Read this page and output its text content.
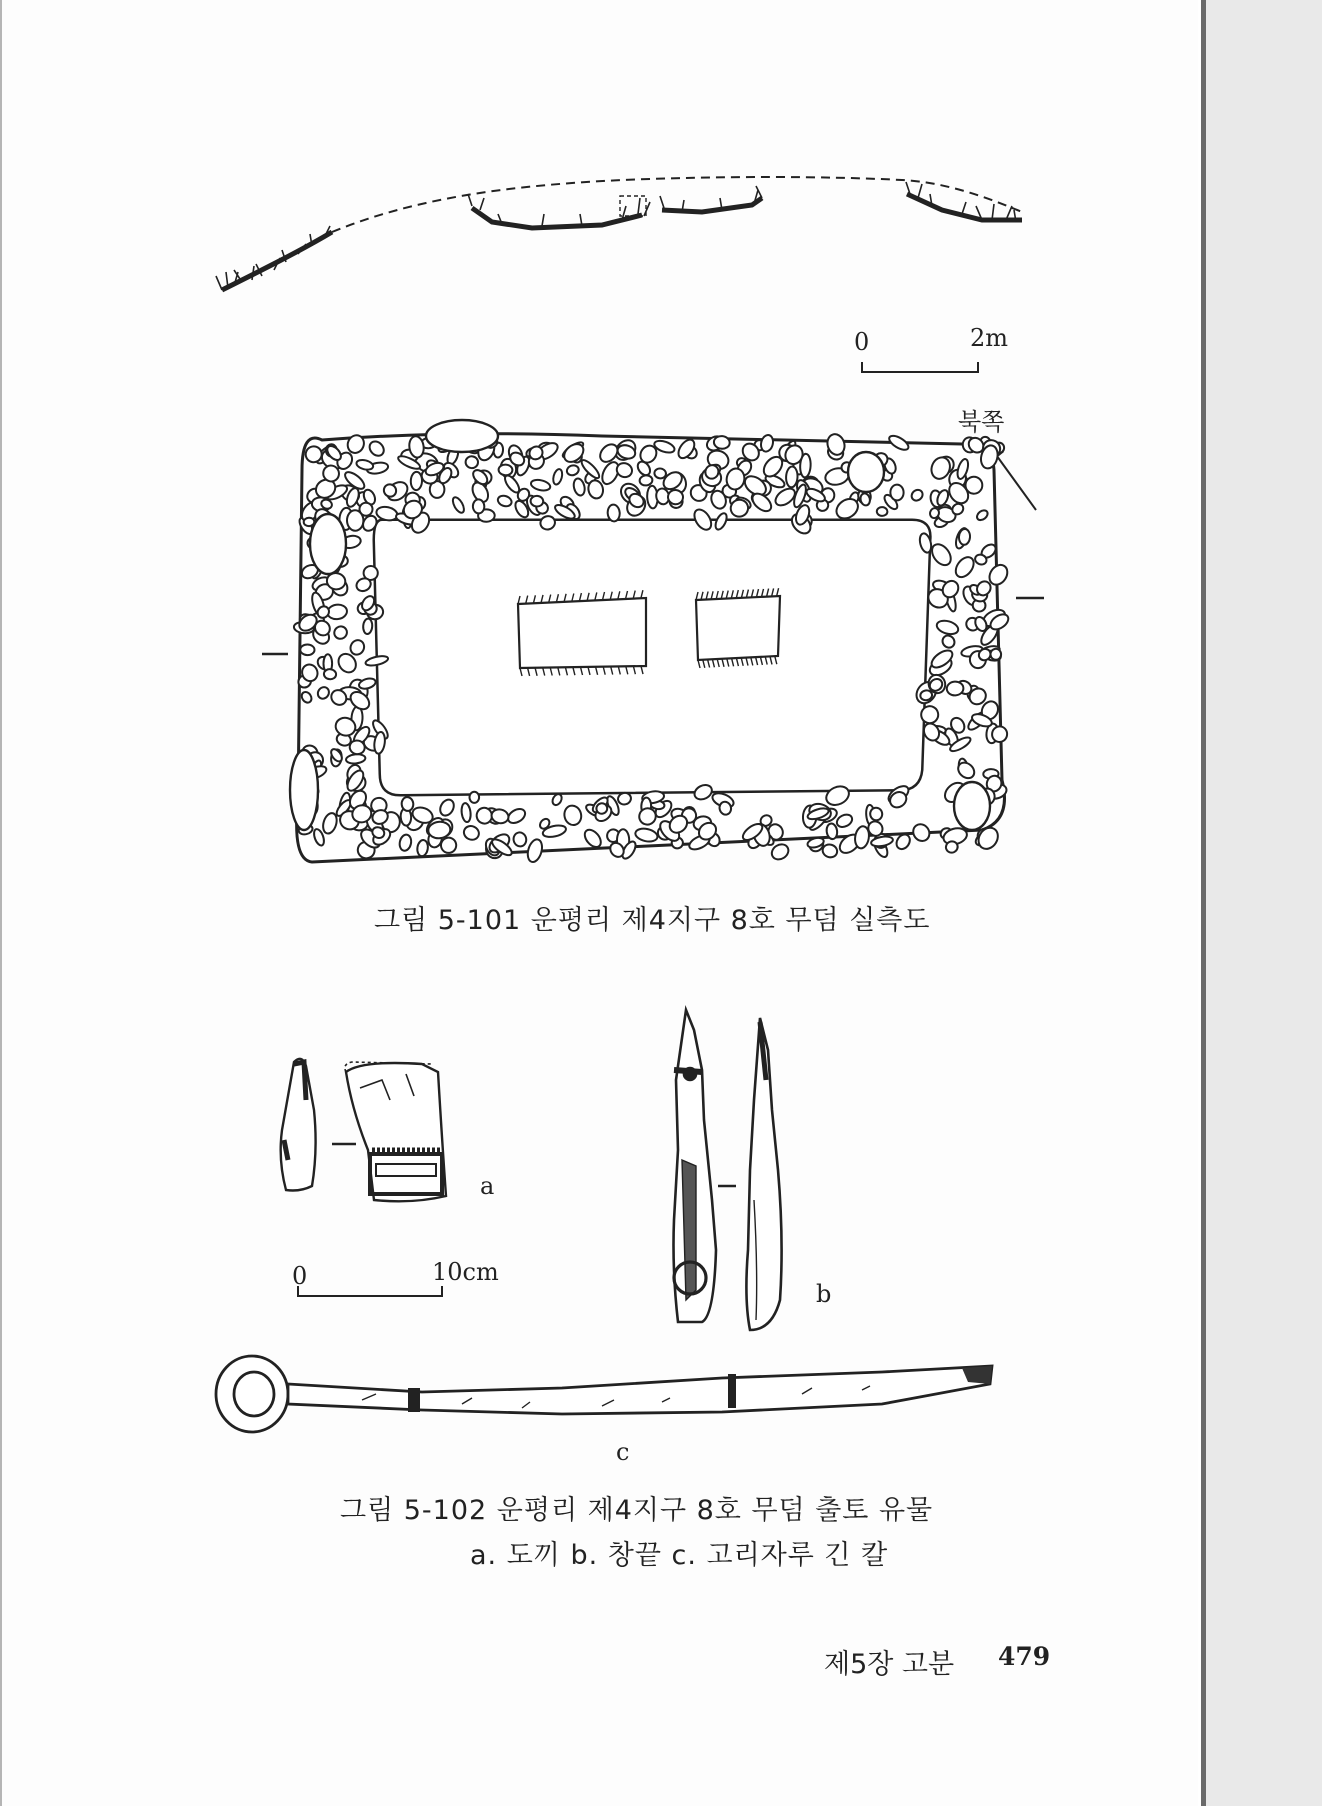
0	2m
북쪽
그림 5-101 운평리 제4지구 8호 무덤 실측도
a
0	10cm
b
c
그림 5-102 운평리 제4지구 8호 무덤 출토 유물
a. 도끼 b. 창끝 c. 고리자루 긴 칼
제5장 고분 479
